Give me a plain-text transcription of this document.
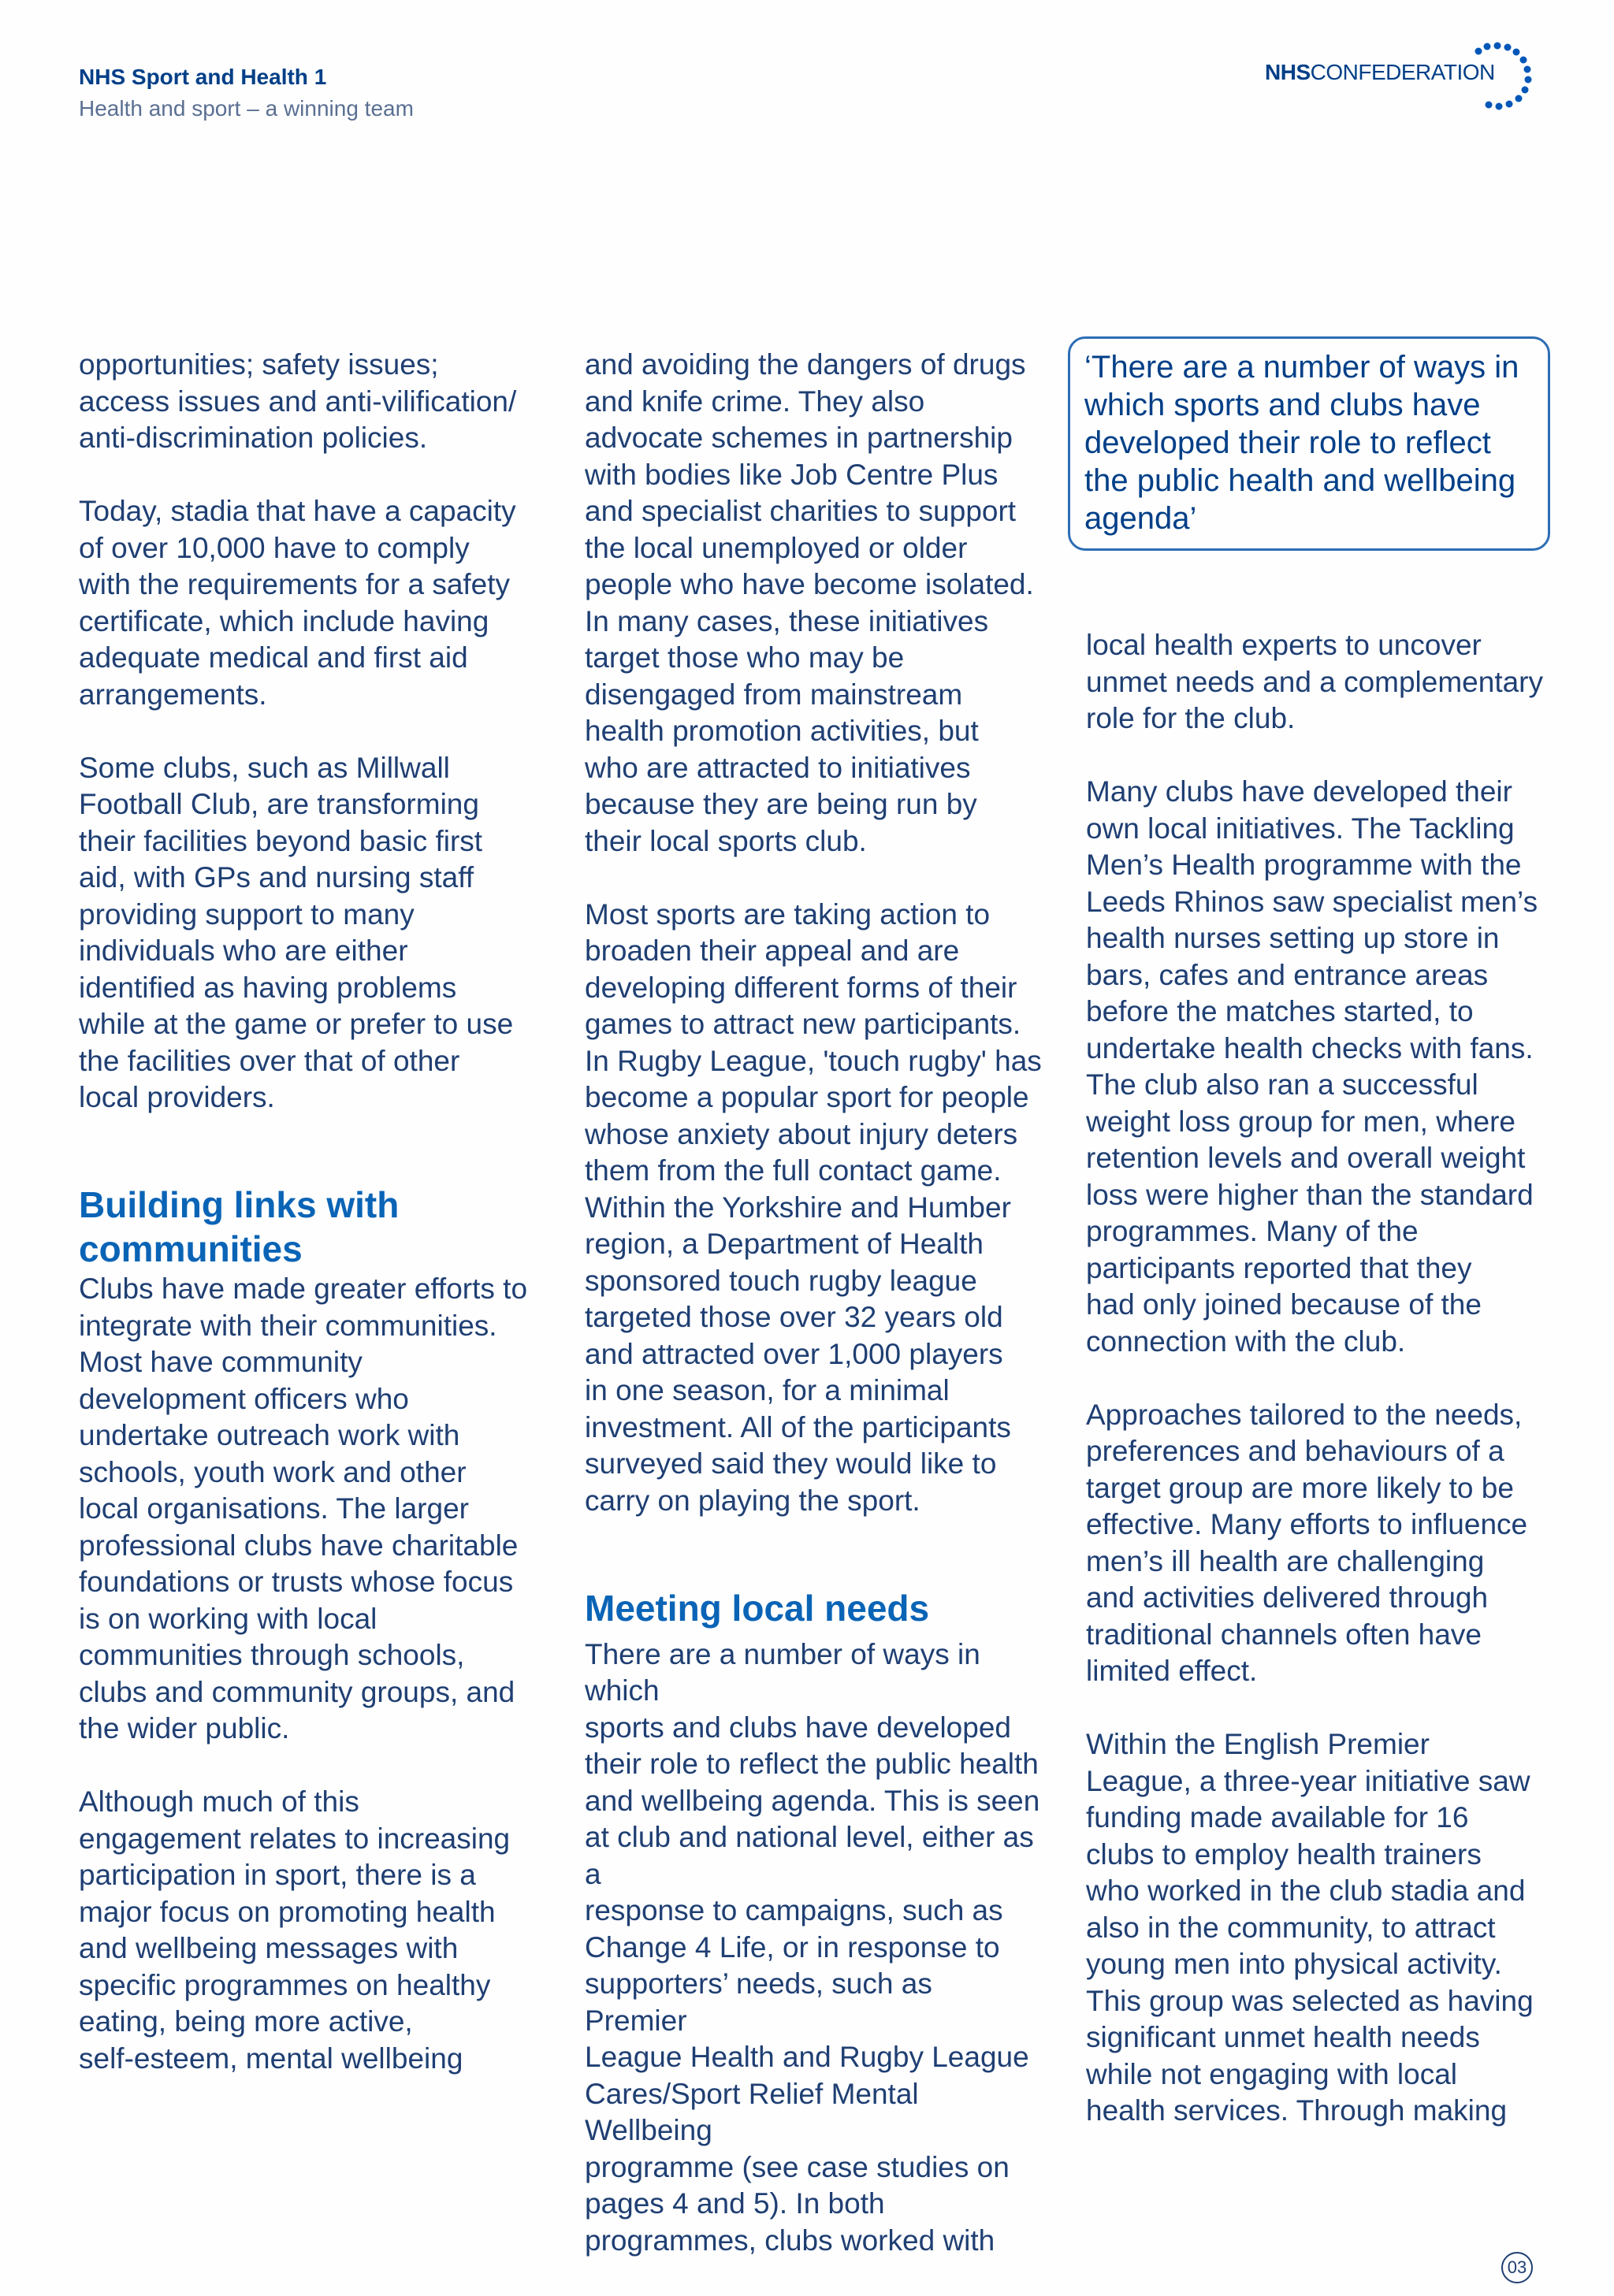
NHS Sport and Health 1
Health and sport – a winning team
NHSCONFEDERATION

opportunities; safety issues;
access issues and anti-vilification/
anti-discrimination policies.

Today, stadia that have a capacity
of over 10,000 have to comply
with the requirements for a safety
certificate, which include having
adequate medical and first aid
arrangements.

Some clubs, such as Millwall
Football Club, are transforming
their facilities beyond basic first
aid, with GPs and nursing staff
providing support to many
individuals who are either
identified as having problems
while at the game or prefer to use
the facilities over that of other
local providers.

Building links with
communities

Clubs have made greater efforts to
integrate with their communities.
Most have community
development officers who
undertake outreach work with
schools, youth work and other
local organisations. The larger
professional clubs have charitable
foundations or trusts whose focus
is on working with local
communities through schools,
clubs and community groups, and
the wider public.

Although much of this
engagement relates to increasing
participation in sport, there is a
major focus on promoting health
and wellbeing messages with
specific programmes on healthy
eating, being more active,
self-esteem, mental wellbeing

and avoiding the dangers of drugs
and knife crime. They also
advocate schemes in partnership
with bodies like Job Centre Plus
and specialist charities to support
the local unemployed or older
people who have become isolated.
In many cases, these initiatives
target those who may be
disengaged from mainstream
health promotion activities, but
who are attracted to initiatives
because they are being run by
their local sports club.

Most sports are taking action to
broaden their appeal and are
developing different forms of their
games to attract new participants.
In Rugby League, 'touch rugby' has
become a popular sport for people
whose anxiety about injury deters
them from the full contact game.
Within the Yorkshire and Humber
region, a Department of Health
sponsored touch rugby league
targeted those over 32 years old
and attracted over 1,000 players
in one season, for a minimal
investment. All of the participants
surveyed said they would like to
carry on playing the sport.

Meeting local needs

There are a number of ways in which
sports and clubs have developed
their role to reflect the public health
and wellbeing agenda. This is seen
at club and national level, either as a
response to campaigns, such as
Change 4 Life, or in response to
supporters’ needs, such as Premier
League Health and Rugby League
Cares/Sport Relief Mental Wellbeing
programme (see case studies on
pages 4 and 5). In both
programmes, clubs worked with

‘There are a number of ways in
which sports and clubs have
developed their role to reflect
the public health and wellbeing
agenda’

local health experts to uncover
unmet needs and a complementary
role for the club.

Many clubs have developed their
own local initiatives. The Tackling
Men’s Health programme with the
Leeds Rhinos saw specialist men’s
health nurses setting up store in
bars, cafes and entrance areas
before the matches started, to
undertake health checks with fans.
The club also ran a successful
weight loss group for men, where
retention levels and overall weight
loss were higher than the standard
programmes. Many of the
participants reported that they
had only joined because of the
connection with the club.

Approaches tailored to the needs,
preferences and behaviours of a
target group are more likely to be
effective. Many efforts to influence
men’s ill health are challenging
and activities delivered through
traditional channels often have
limited effect.

Within the English Premier
League, a three-year initiative saw
funding made available for 16
clubs to employ health trainers
who worked in the club stadia and
also in the community, to attract
young men into physical activity.
This group was selected as having
significant unmet health needs
while not engaging with local
health services. Through making

03
